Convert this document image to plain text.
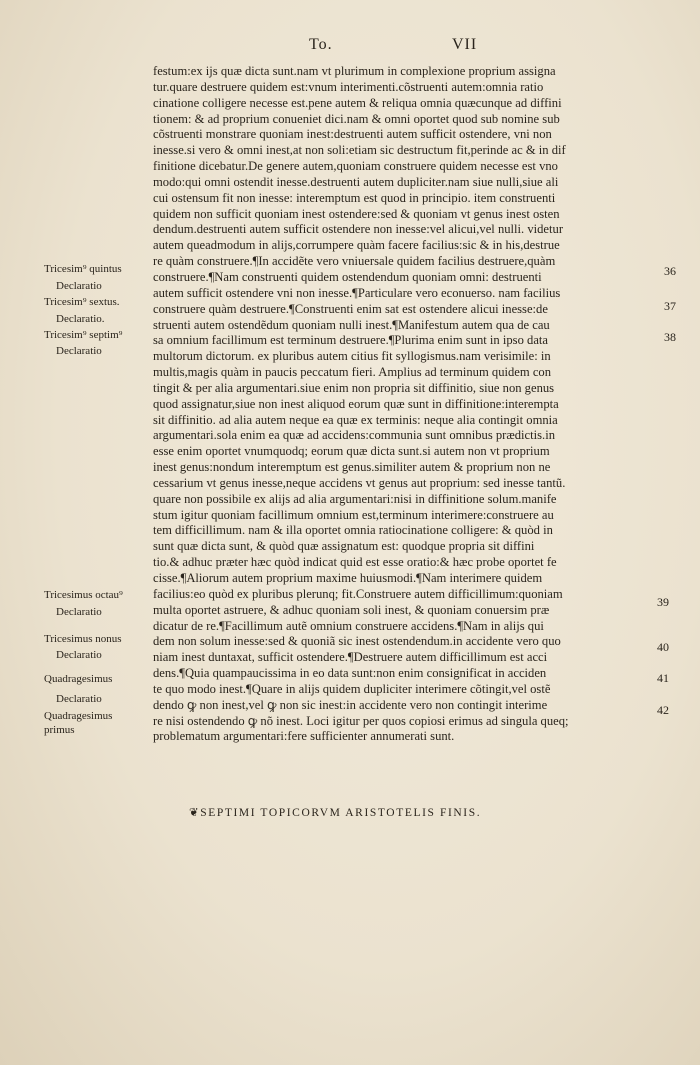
To.	VII
festum:ex ijs quæ dicta sunt.nam vt plurimum in complexione proprium assigna
tur.quare destruere quidem est:vnum interimenti.cõstruenti autem:omnia ratio
cinatione colligere necesse est.pene autem & reliqua omnia quæcunque ad diffini
tionem: & ad proprium conueniet dici.nam & omni oportet quod sub nomine sub
cõstruenti monstrare quoniam inest:destruenti autem sufficit ostendere, vni non
inesse.si vero & omni inest,at non soli:etiam sic destructum fit,perinde ac & in dif
finitione dicebatur.De genere autem,quoniam construere quidem necesse est vno
modo:qui omni ostendit inesse.destruenti autem dupliciter.nam siue nulli,siue ali
cui ostensum fit non inesse: interemptum est quod in principio. item construenti
quidem non sufficit quoniam inest ostendere:sed & quoniam vt genus inest osten
dendum.destruenti autem sufficit ostendere non inesse:vel alicui,vel nulli. videtur
autem queadmodum in alijs,corrumpere quàm facere facilius:sic & in his,destrue
re quàm construere.¶In accidẽte vero vniuersale quidem facilius destruere,quàm
construere.¶Nam construenti quidem ostendendum quoniam omni: destruenti
autem sufficit ostendere vni non inesse.¶Particulare vero econuerso. nam facilius
construere quàm destruere.¶Construenti enim sat est ostendere alicui inesse:de
struenti autem ostendẽdum quoniam nulli inest.¶Manifestum autem qua de cau
sa omnium facillimum est terminum destruere.¶Plurima enim sunt in ipso data
multorum dictorum. ex pluribus autem citius fit syllogismus.nam verisimile: in
multis,magis quàm in paucis peccatum fieri. Amplius ad terminum quidem con
tingit & per alia argumentari.siue enim non propria sit diffinitio, siue non genus
quod assignatur,siue non inest aliquod eorum quæ sunt in diffinitione:interempta
sit diffinitio. ad alia autem neque ea quæ ex terminis: neque alia contingit omnia
argumentari.sola enim ea quæ ad accidens:communia sunt omnibus prædictis.in
esse enim oportet vnumquodq; eorum quæ dicta sunt.si autem non vt proprium
inest genus:nondum interemptum est genus.similiter autem & proprium non ne
cessarium vt genus inesse,neque accidens vt genus aut proprium: sed inesse tantũ.
quare non possibile ex alijs ad alia argumentari:nisi in diffinitione solum.manife
stum igitur quoniam facillimum omnium est,terminum interimere:construere au
tem difficillimum. nam & illa oportet omnia ratiocinatione colligere: & quòd in
sunt quæ dicta sunt, & quòd quæ assignatum est: quodque propria sit diffini
tio.& adhuc præter hæc quòd indicat quid est esse oratio:& hæc probe oportet fe
cisse.¶Aliorum autem proprium maxime huiusmodi.¶Nam interimere quidem
facilius:eo quòd ex pluribus plerunq; fit.Construere autem difficillimum:quoniam
multa oportet astruere, & adhuc quoniam soli inest, & quoniam conuersim præ
dicatur de re.¶Facillimum autẽ omnium construere accidens.¶Nam in alijs qui
dem non solum inesse:sed & quoniã sic inest ostendendum.in accidente vero quo
niam inest duntaxat, sufficit ostendere.¶Destruere autem difficillimum est acci
dens.¶Quia quampaucissima in eo data sunt:non enim consignificat in acciden
te quo modo inest.¶Quare in alijs quidem dupliciter interimere cõtingit,vel ostẽ
dendo ꝙ non inest,vel ꝙ non sic inest:in accidente vero non contingit interime
re nisi ostendendo ꝙ nõ inest. Loci igitur per quos copiosi erimus ad singula queq;
problematum argumentari:fere sufficienter annumerati sunt.
Tricesim⁹ quintus
Declaratio
Tricesim⁹ sextus.
Declaratio.
Tricesim⁹ septim⁹
Declaratio
Tricesimus octau⁹
Declaratio
Tricesimus nonus
Declaratio
Quadragesimus
Declaratio
Quadragesimus
primus
36
37
38
39
40
41
42
❦SEPTIMI TOPICORVM ARISTOTELIS FINIS.
